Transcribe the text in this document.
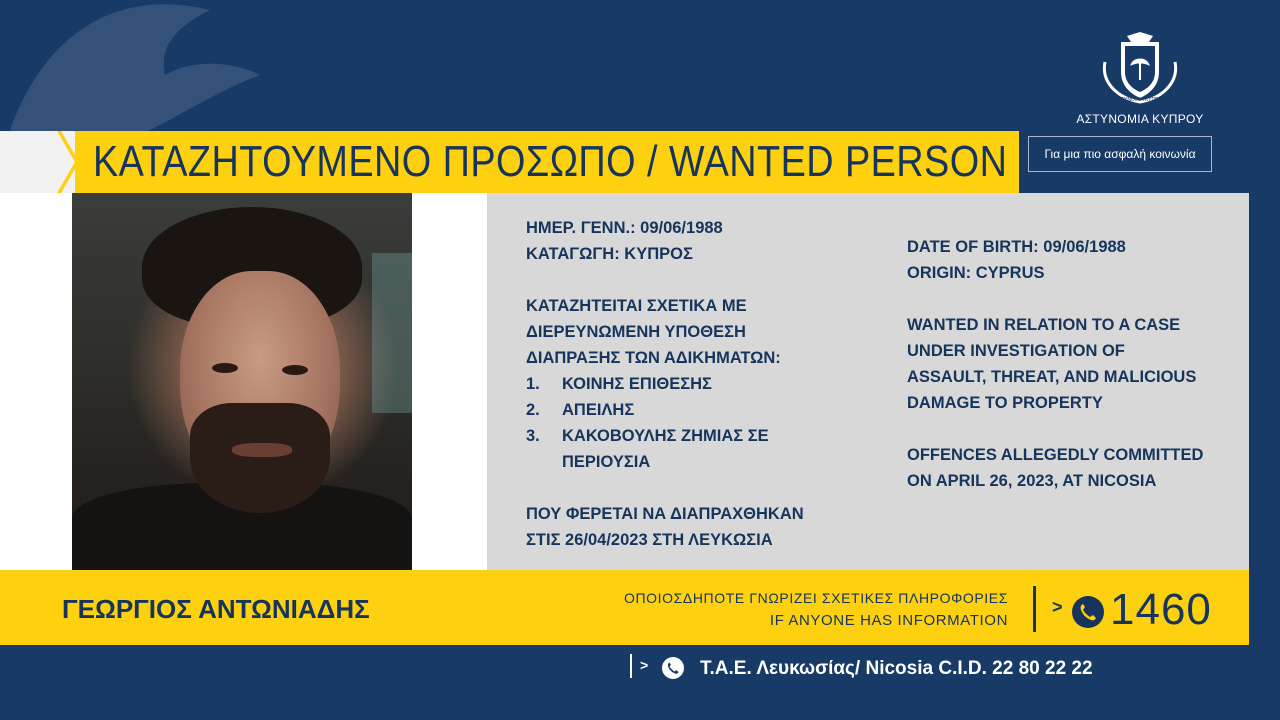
ΑΣΤΥΝΟΜΙΑ ΚΥΠΡΟΥ
ΑΣΤΥΝΟΜΙΑ ΚΥΠΡΟΥ
Για μια πιο ασφαλή κοινωνία
ΚΑΤΑΖΗΤΟΥΜΕΝΟ ΠΡΟΣΩΠΟ / WANTED PERSON

ΗΜΕΡ. ΓΕΝΝ.: 09/06/1988

ΚΑΤΑΓΩΓΗ: ΚΥΠΡΟΣ

ΚΑΤΑΖΗΤΕΙΤΑΙ ΣΧΕΤΙΚΑ ΜΕ

ΔΙΕΡΕΥΝΩΜΕΝΗ ΥΠΟΘΕΣΗ

ΔΙΑΠΡΑΞΗΣ ΤΩΝ ΑΔΙΚΗΜΑΤΩΝ:

1.	ΚΟΙΝΗΣ ΕΠΙΘΕΣΗΣ
2.	ΑΠΕΙΛΗΣ
3.	ΚΑΚΟΒΟΥΛΗΣ ΖΗΜΙΑΣ ΣΕ
ΠΕΡΙΟΥΣΙΑ

ΠΟΥ ΦΕΡΕΤΑΙ ΝΑ ΔΙΑΠΡΑΧΘΗΚΑΝ

ΣΤΙΣ 26/04/2023 ΣΤΗ ΛΕΥΚΩΣΙΑ

DATE OF BIRTH: 09/06/1988

ORIGIN: CYPRUS

WANTED IN RELATION TO A CASE

UNDER INVESTIGATION OF

ASSAULT, THREAT, AND MALICIOUS

DAMAGE TO PROPERTY

OFFENCES ALLEGEDLY COMMITTED

ON APRIL 26, 2023, AT NICOSIA

ΓΕΩΡΓΙΟΣ ΑΝΤΩΝΙΑΔΗΣ	ΟΠΟΙΟΣΔΗΠΟΤΕ ΓΝΩΡΙΖΕΙ ΣΧΕΤΙΚΕΣ ΠΛΗΡΟΦΟΡΙΕΣ
IF ANYONE HAS INFORMATION
> 1460
>	Τ.Α.Ε. Λευκωσίας/ Nicosia C.I.D. 22 80 22 22
